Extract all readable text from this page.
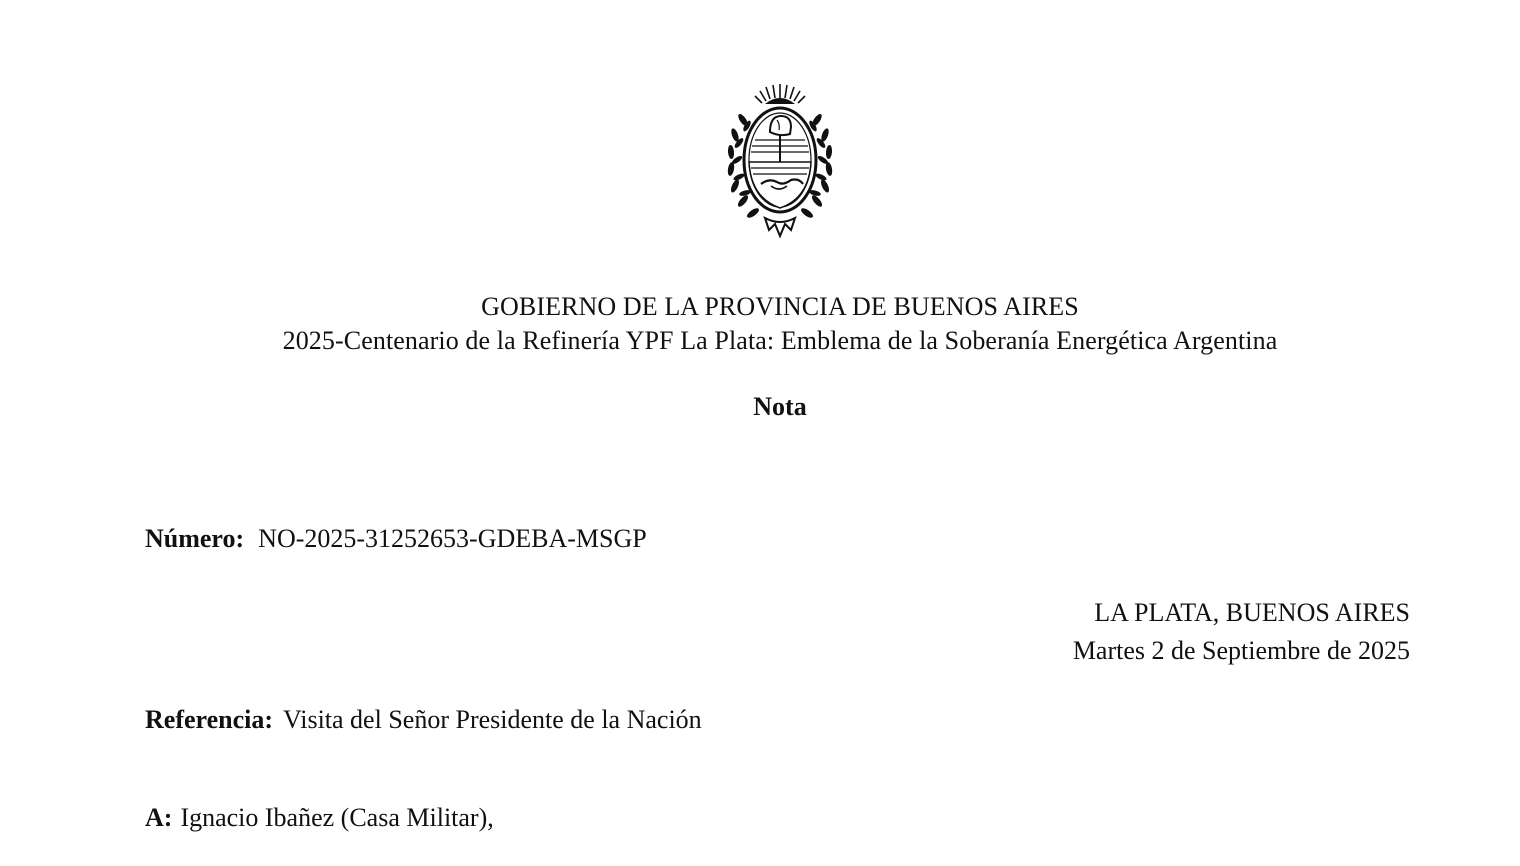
GOBIERNO DE LA PROVINCIA DE BUENOS AIRES
2025-Centenario de la Refinería YPF La Plata: Emblema de la Soberanía Energética Argentina
Nota
Número: NO-2025-31252653-GDEBA-MSGP
LA PLATA, BUENOS AIRES
Martes 2 de Septiembre de 2025
Referencia: Visita del Señor Presidente de la Nación
A: Ignacio Ibañez (Casa Militar),
